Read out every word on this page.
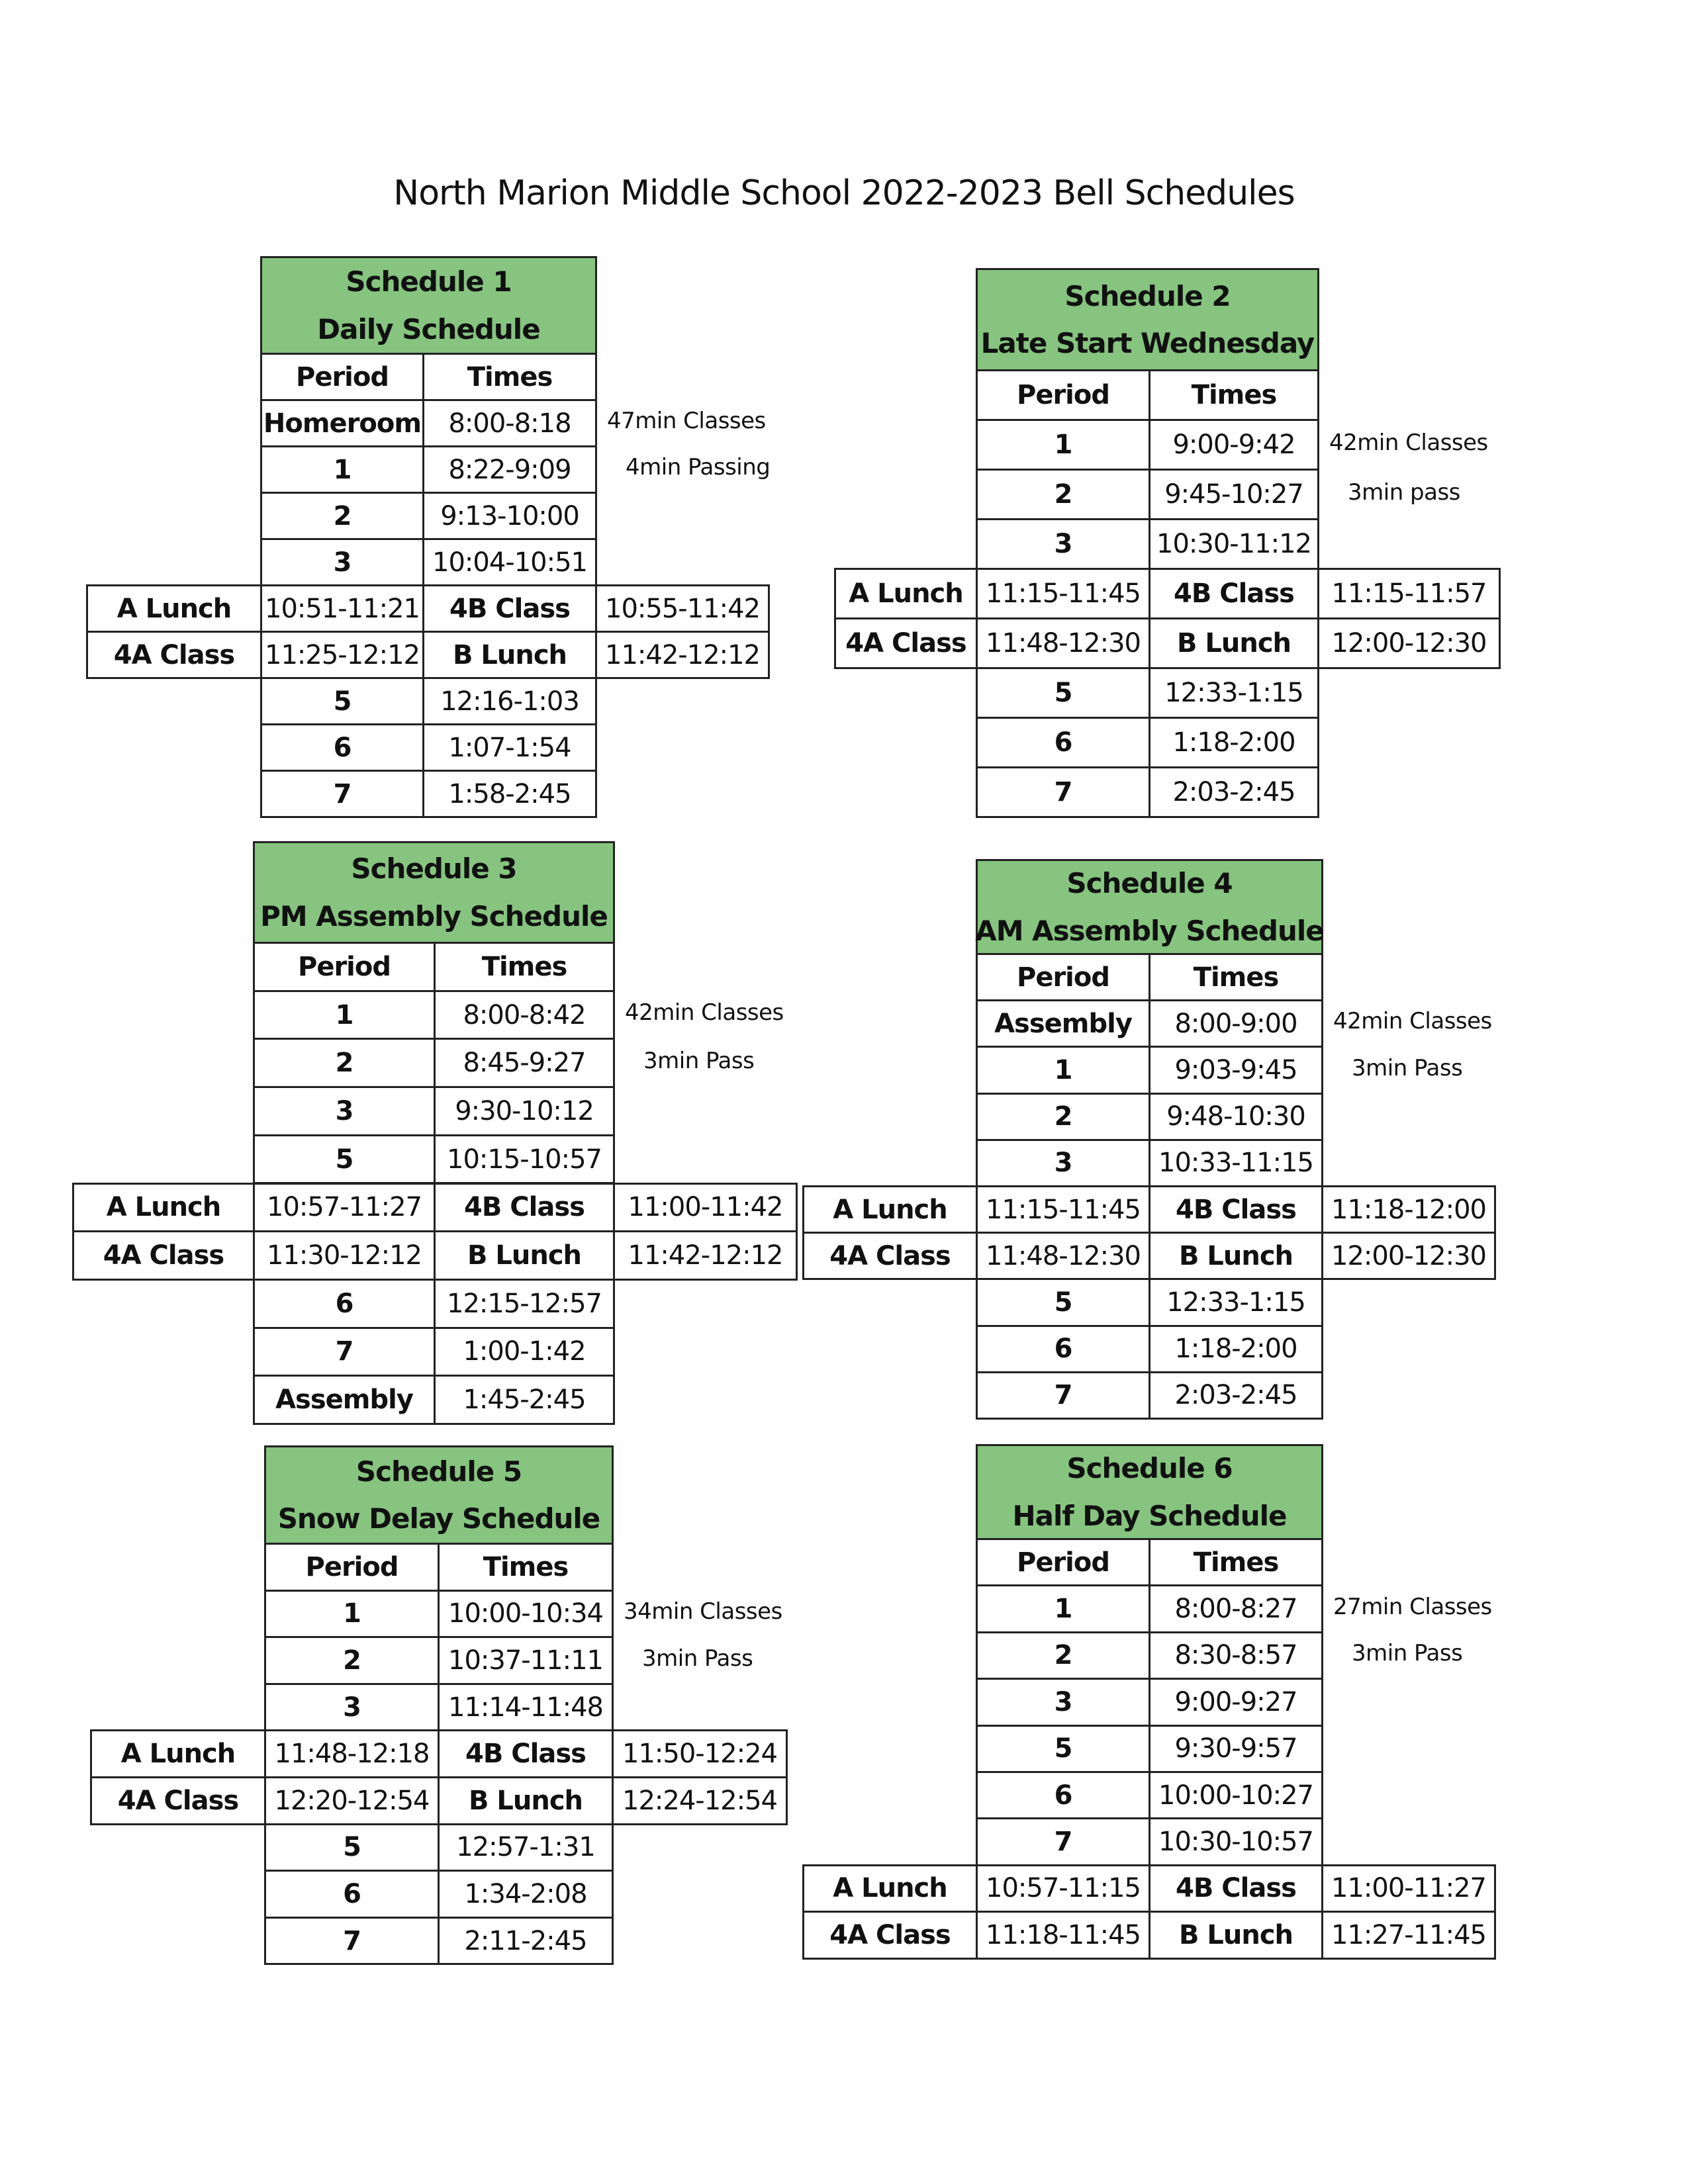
North Marion Middle School 2022-2023 Bell Schedules
Schedule 1
Daily Schedule
Period	Times
Homeroom	8:00-8:18
1	8:22-9:09
2	9:13-10:00
3	10:04-10:51
A Lunch	10:51-11:21	4B Class	10:55-11:42
4A Class	11:25-12:12	B Lunch	11:42-12:12
5	12:16-1:03
6	1:07-1:54
7	1:58-2:45
47min Classes
4min Passing
Schedule 2
Late Start Wednesday
Period	Times
1	9:00-9:42
2	9:45-10:27
3	10:30-11:12
A Lunch 11:15-11:45	4B Class	11:15-11:57
4A Class 11:48-12:30	B Lunch	12:00-12:30
5	12:33-1:15
6	1:18-2:00
7	2:03-2:45
42min Classes
3min pass
Schedule 3
PM Assembly Schedule
Period	Times
1	8:00-8:42
2	8:45-9:27
3	9:30-10:12
5	10:15-10:57
A Lunch	10:57-11:27	4B Class	11:00-11:42
4A Class	11:30-12:12	B Lunch	11:42-12:12
6	12:15-12:57
7	1:00-1:42
Assembly	1:45-2:45
42min Classes
3min Pass
Schedule 4
AM Assembly Schedule
Period	Times
Assembly	8:00-9:00
1	9:03-9:45
2	9:48-10:30
3	10:33-11:15
A Lunch	11:15-11:45	4B Class	11:18-12:00
4A Class	11:48-12:30	B Lunch	12:00-12:30
5	12:33-1:15
6	1:18-2:00
7	2:03-2:45
42min Classes
3min Pass
Schedule 5
Snow Delay Schedule
Period	Times
1	10:00-10:34
2	10:37-11:11
3	11:14-11:48
A Lunch	11:48-12:18	4B Class	11:50-12:24
4A Class	12:20-12:54	B Lunch	12:24-12:54
5	12:57-1:31
6	1:34-2:08
7	2:11-2:45
34min Classes
3min Pass
Schedule 6
Half Day Schedule
Period	Times
1	8:00-8:27
2	8:30-8:57
3	9:00-9:27
5	9:30-9:57
6	10:00-10:27
7	10:30-10:57
A Lunch	10:57-11:15	4B Class	11:00-11:27
4A Class	11:18-11:45	B Lunch	11:27-11:45
27min Classes
3min Pass
